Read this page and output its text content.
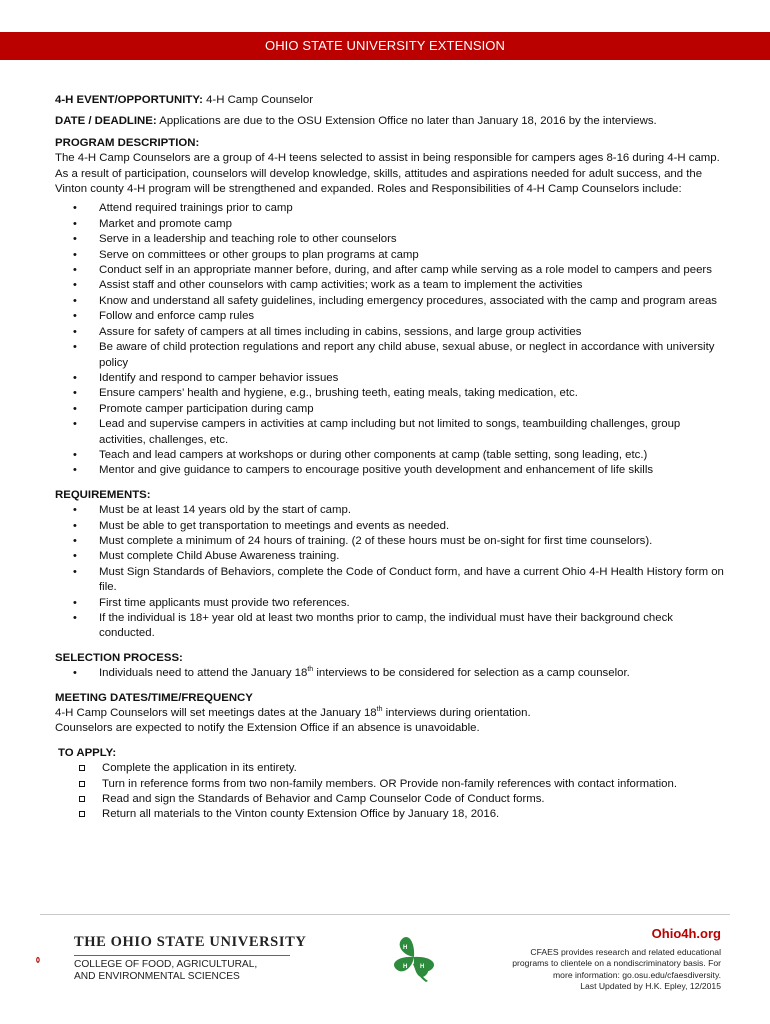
OHIO STATE UNIVERSITY EXTENSION

4-H EVENT/OPPORTUNITY: 4-H Camp Counselor

DATE / DEADLINE: Applications are due to the OSU Extension Office no later than January 18, 2016 by the interviews.

PROGRAM DESCRIPTION:

The 4-H Camp Counselors are a group of 4-H teens selected to assist in being responsible for campers ages 8-16 during 4-H camp. As a result of participation, counselors will develop knowledge, skills, attitudes and aspirations needed for adult success, and the Vinton county 4-H program will be strengthened and expanded. Roles and Responsibilities of 4-H Camp Counselors include:

• Attend required trainings prior to camp
• Market and promote camp
• Serve in a leadership and teaching role to other counselors
• Serve on committees or other groups to plan programs at camp
• Conduct self in an appropriate manner before, during, and after camp while serving as a role model to campers and peers
• Assist staff and other counselors with camp activities; work as a team to implement the activities
• Know and understand all safety guidelines, including emergency procedures, associated with the camp and program areas
• Follow and enforce camp rules
• Assure for safety of campers at all times including in cabins, sessions, and large group activities
• Be aware of child protection regulations and report any child abuse, sexual abuse, or neglect in accordance with university policy
• Identify and respond to camper behavior issues
• Ensure campers’ health and hygiene, e.g., brushing teeth, eating meals, taking medication, etc.
• Promote camper participation during camp
• Lead and supervise campers in activities at camp including but not limited to songs, teambuilding challenges, group activities, challenges, etc.
• Teach and lead campers at workshops or during other components at camp (table setting, song leading, etc.)
• Mentor and give guidance to campers to encourage positive youth development and enhancement of life skills

REQUIREMENTS:

• Must be at least 14 years old by the start of camp.
• Must be able to get transportation to meetings and events as needed.
• Must complete a minimum of 24 hours of training. (2 of these hours must be on-sight for first time counselors).
• Must complete Child Abuse Awareness training.
• Must Sign Standards of Behaviors, complete the Code of Conduct form, and have a current Ohio 4-H Health History form on file.
• First time applicants must provide two references.
• If the individual is 18+ year old at least two months prior to camp, the individual must have their background check conducted.

SELECTION PROCESS:

• Individuals need to attend the January 18th interviews to be considered for selection as a camp counselor.

MEETING DATES/TIME/FREQUENCY

4-H Camp Counselors will set meetings dates at the January 18th interviews during orientation.

Counselors are expected to notify the Extension Office if an absence is unavoidable.

TO APPLY:

Complete the application in its entirety.
Turn in reference forms from two non-family members. OR Provide non-family references with contact information.
Read and sign the Standards of Behavior and Camp Counselor Code of Conduct forms.
Return all materials to the Vinton county Extension Office by January 18, 2016.
THE OHIO STATE UNIVERSITY
COLLEGE OF FOOD, AGRICULTURAL,
AND ENVIRONMENTAL SCIENCES
H H
H H
Ohio4h.org
CFAES provides research and related educational
programs to clientele on a nondiscriminatory basis. For
more information: go.osu.edu/cfaesdiversity.
Last Updated by H.K. Epley, 12/2015
